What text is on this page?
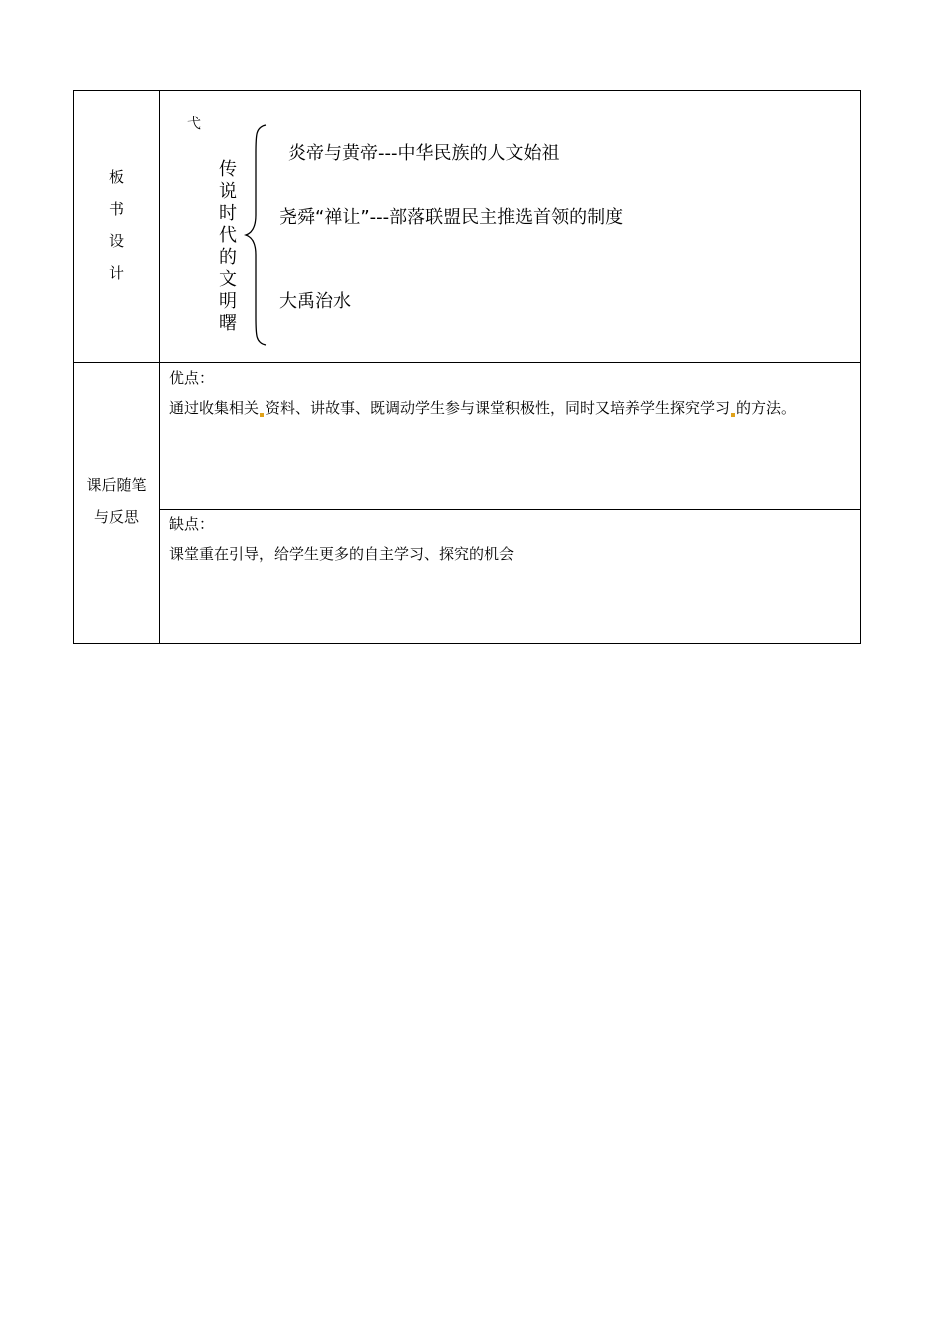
板
书
设
计
弋
传
说
时
代
的
文
明
曙
炎帝与黄帝---中华民族的人文始祖
尧舜“禅让”---部落联盟民主推选首领的制度
大禹治水
课后随笔
与反思
优点：
通过收集相关 资料、讲故事、既调动学生参与课堂积极性，同时又培养学生探究学习 的方法。
缺点：
课堂重在引导，给学生更多的自主学习、探究的机会
